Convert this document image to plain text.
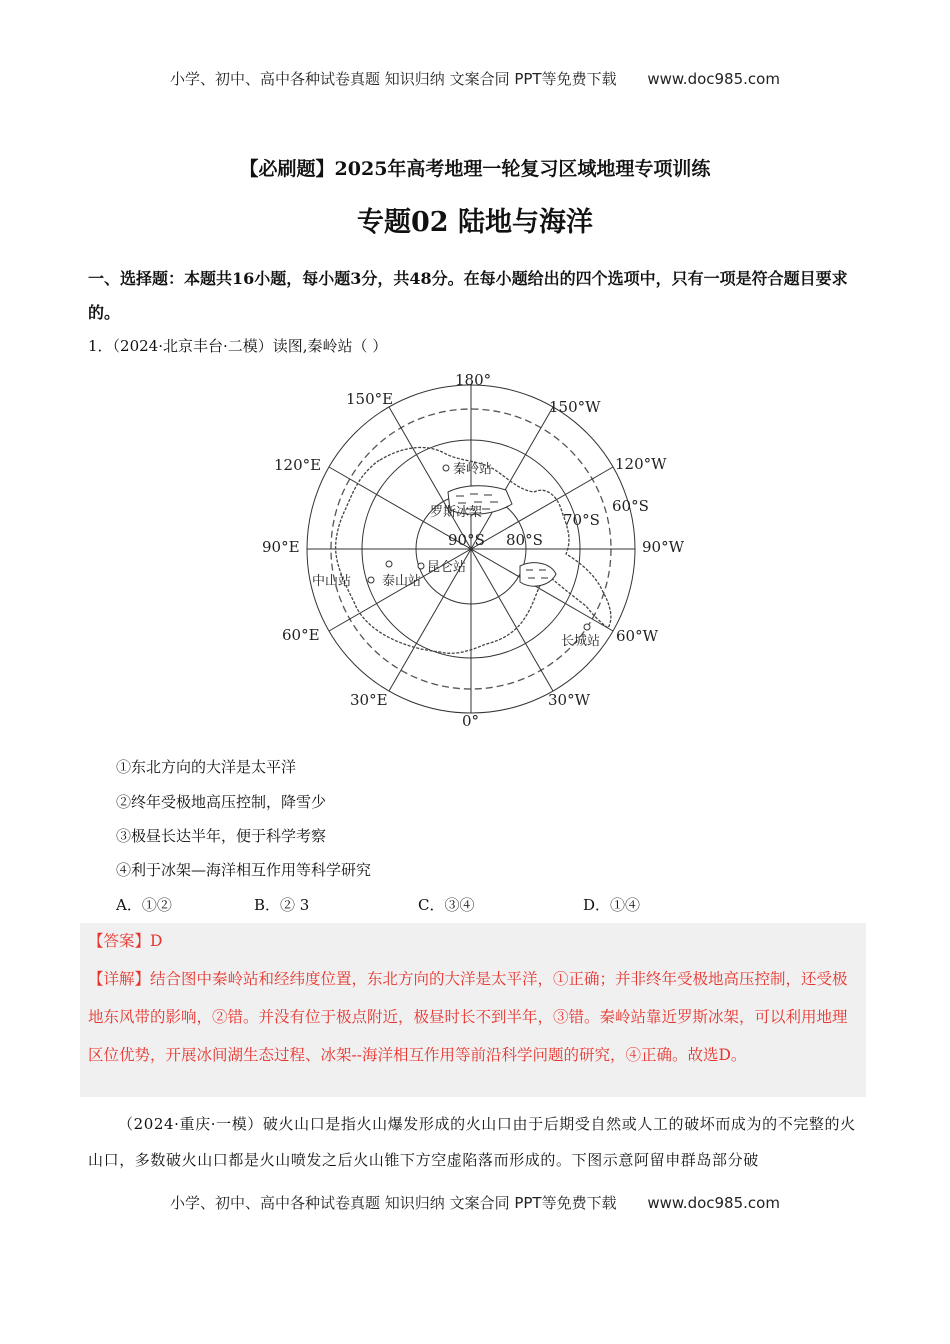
小学、初中、高中各种试卷真题 知识归纳 文案合同 PPT等免费下载 www.doc985.com
【必刷题】2025年高考地理一轮复习区域地理专项训练
专题02 陆地与海洋
一、选择题：本题共16小题，每小题3分，共48分。在每小题给出的四个选项中，只有一项是符合题目要求的。
1．（2024·北京丰台·二模）读图,秦岭站（ ）
180°
150°E	150°W
120°E	120°W
90°E	90°W
60°E	60°W
30°E	30°W
0°
60°S
70°S
80°S
90°S
秦岭站
罗斯冰架
昆仑站
泰山站
中山站
长城站
①东北方向的大洋是太平洋
②终年受极地高压控制，降雪少
③极昼长达半年，便于科学考察
④利于冰架—海洋相互作用等科学研究
A．①②	B．② 3	C．③④	D．①④
【答案】D
【详解】结合图中秦岭站和经纬度位置，东北方向的大洋是太平洋，①正确；并非终年受极地高压控制，还受极地东风带的影响，②错。并没有位于极点附近，极昼时长不到半年，③错。秦岭站靠近罗斯冰架，可以利用地理区位优势，开展冰间湖生态过程、冰架--海洋相互作用等前沿科学问题的研究，④正确。故选D。
（2024·重庆·一模）破火山口是指火山爆发形成的火山口由于后期受自然或人工的破坏而成为的不完整的火山口，多数破火山口都是火山喷发之后火山锥下方空虚陷落而形成的。下图示意阿留申群岛部分破
小学、初中、高中各种试卷真题 知识归纳 文案合同 PPT等免费下载 www.doc985.com
